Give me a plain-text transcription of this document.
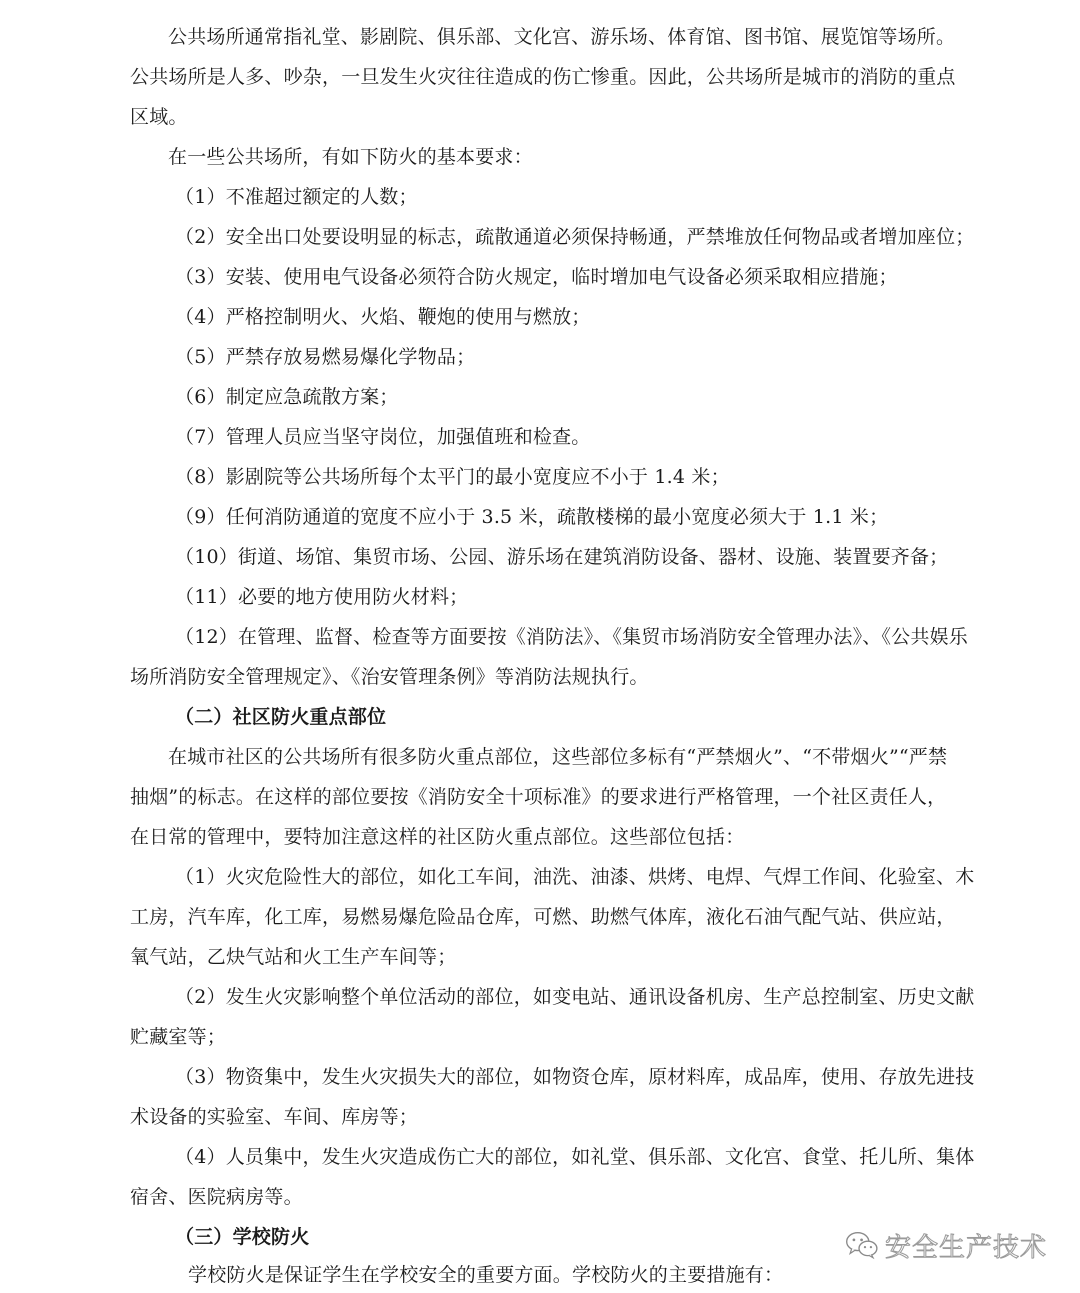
公共场所通常指礼堂、影剧院、俱乐部、文化宫、游乐场、体育馆、图书馆、展览馆等场所。
公共场所是人多、吵杂，一旦发生火灾往往造成的伤亡惨重。因此，公共场所是城市的消防的重点
区域。
在一些公共场所，有如下防火的基本要求：
（1）不准超过额定的人数；
（2）安全出口处要设明显的标志，疏散通道必须保持畅通，严禁堆放任何物品或者增加座位；
（3）安装、使用电气设备必须符合防火规定，临时增加电气设备必须采取相应措施；
（4）严格控制明火、火焰、鞭炮的使用与燃放；
（5）严禁存放易燃易爆化学物品；
（6）制定应急疏散方案；
（7）管理人员应当坚守岗位，加强值班和检查。
（8）影剧院等公共场所每个太平门的最小宽度应不小于 1.4 米；
（9）任何消防通道的宽度不应小于 3.5 米，疏散楼梯的最小宽度必须大于 1.1 米；
（10）街道、场馆、集贸市场、公园、游乐场在建筑消防设备、器材、设施、装置要齐备；
（11）必要的地方使用防火材料；
（12）在管理、监督、检查等方面要按《消防法》、《集贸市场消防安全管理办法》、《公共娱乐
场所消防安全管理规定》、《治安管理条例》等消防法规执行。
（二）社区防火重点部位
在城市社区的公共场所有很多防火重点部位，这些部位多标有“严禁烟火”、“不带烟火”“严禁
抽烟”的标志。在这样的部位要按《消防安全十项标准》的要求进行严格管理，一个社区责任人，
在日常的管理中，要特加注意这样的社区防火重点部位。这些部位包括：
（1）火灾危险性大的部位，如化工车间，油洗、油漆、烘烤、电焊、气焊工作间、化验室、木
工房，汽车库，化工库，易燃易爆危险品仓库，可燃、助燃气体库，液化石油气配气站、供应站，
氧气站，乙炔气站和火工生产车间等；
（2）发生火灾影响整个单位活动的部位，如变电站、通讯设备机房、生产总控制室、历史文献
贮藏室等；
（3）物资集中，发生火灾损失大的部位，如物资仓库，原材料库，成品库，使用、存放先进技
术设备的实验室、车间、库房等；
（4）人员集中，发生火灾造成伤亡大的部位，如礼堂、俱乐部、文化宫、食堂、托儿所、集体
宿舍、医院病房等。
（三）学校防火
学校防火是保证学生在学校安全的重要方面。学校防火的主要措施有：
安全生产技术
